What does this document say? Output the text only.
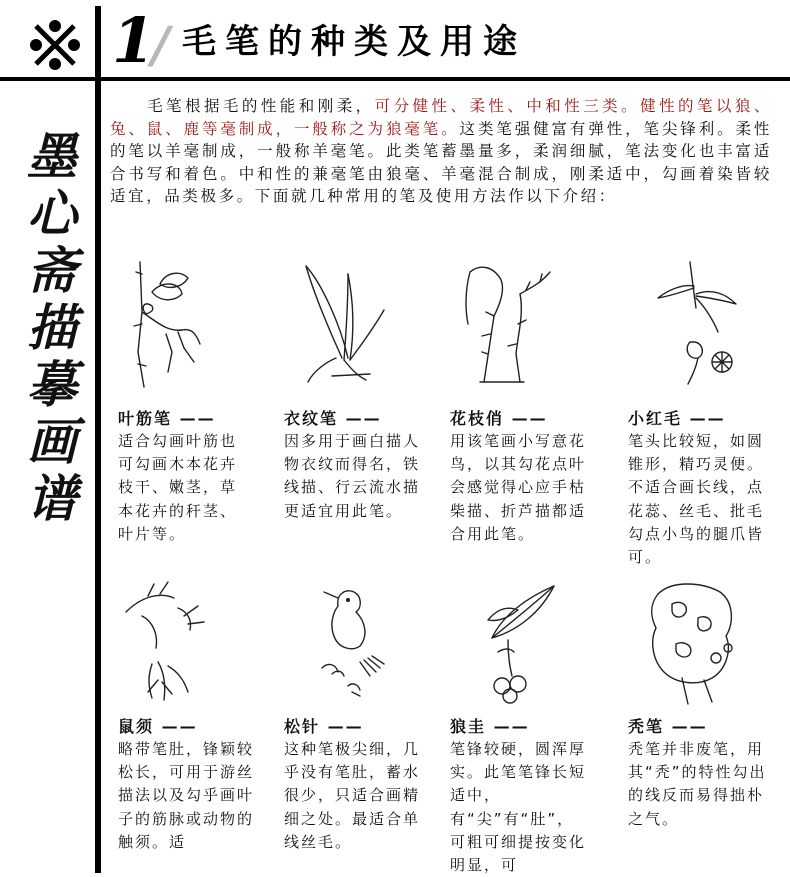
1/ 毛笔的种类及用途
墨
心
斋
描
摹
画
谱

  毛笔根据毛的性能和刚柔，可分健性、柔性、中和性三类。健性的笔以狼、兔、鼠、鹿等毫制成，一般称之为狼毫笔。这类笔强健富有弹性，笔尖锋利。柔性的笔以羊毫制成，一般称羊毫笔。此类笔蓄墨量多，柔润细腻，笔法变化也丰富适合书写和着色。中和性的兼毫笔由狼毫、羊毫混合制成，刚柔适中，勾画着染皆较适宜，品类极多。下面就几种常用的笔及使用方法作以下介绍：

叶筋笔 ——

适合勾画叶筋也可勾画木本花卉枝干、嫩茎，草本花卉的秆茎、叶片等。

衣纹笔 ——

因多用于画白描人物衣纹而得名，铁线描、行云流水描更适宜用此笔。

花枝俏 ——

用该笔画小写意花鸟，以其勾花点叶会感觉得心应手枯柴描、折芦描都适合用此笔。

小红毛 ——

笔头比较短，如圆锥形，精巧灵便。不适合画长线，点花蕊、丝毛、批毛勾点小鸟的腿爪皆可。

鼠须 ——

略带笔肚，锋颖较松长，可用于游丝描法以及勾乎画叶子的筋脉或动物的触须。适

松针 ——

这种笔极尖细，几乎没有笔肚，蓄水很少，只适合画精细之处。最适合单线丝毛。

狼圭 ——

笔锋较硬，圆浑厚实。此笔笔锋长短适中，有“尖”有“肚”，可粗可细提按变化明显，可

秃笔 ——

秃笔并非废笔，用其“秃”的特性勾出的线反而易得拙朴之气。
